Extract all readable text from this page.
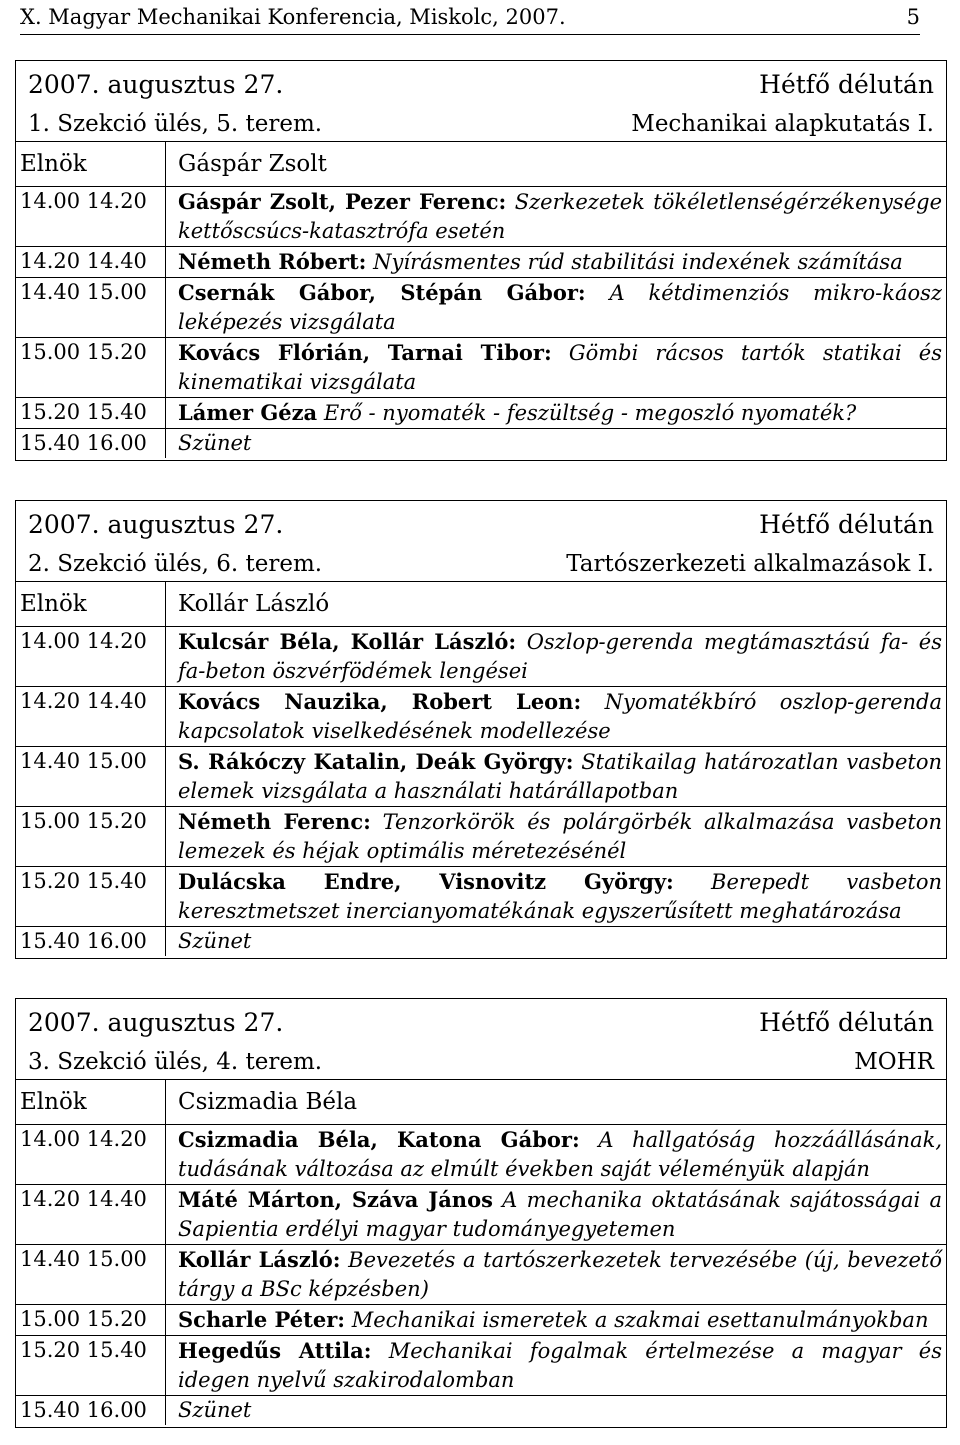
X. Magyar Mechanikai Konferencia, Miskolc, 2007.	5
2007. augusztus 27.	Hétfő délután
1. Szekció ülés, 5. terem.	Mechanikai alapkutatás I.
Elnök	Gáspár Zsolt
14.00 14.20	Gáspár Zsolt, Pezer Ferenc: Szerkezetek tökéletlenségérzékenysége kettőscsúcs-katasztrófa esetén
14.20 14.40	Németh Róbert: Nyírásmentes rúd stabilitási indexének számítása
14.40 15.00	Csernák Gábor, Stépán Gábor: A kétdimenziós mikro-káosz leképezés vizsgálata
15.00 15.20	Kovács Flórián, Tarnai Tibor: Gömbi rácsos tartók statikai és kinematikai vizsgálata
15.20 15.40	Lámer Géza Erő - nyomaték - feszültség - megoszló nyomaték?
15.40 16.00	Szünet
2007. augusztus 27.	Hétfő délután
2. Szekció ülés, 6. terem.	Tartószerkezeti alkalmazások I.
Elnök	Kollár László
14.00 14.20	Kulcsár Béla, Kollár László: Oszlop-gerenda megtámasztású fa- és fa-beton öszvérfödémek lengései
14.20 14.40	Kovács Nauzika, Robert Leon: Nyomatékbíró oszlop-gerenda kapcsolatok viselkedésének modellezése
14.40 15.00	S. Rákóczy Katalin, Deák György: Statikailag határozatlan vasbeton elemek vizsgálata a használati határállapotban
15.00 15.20	Németh Ferenc: Tenzorkörök és polárgörbék alkalmazása vasbeton lemezek és héjak optimális méretezésénél
15.20 15.40	Dulácska Endre, Visnovitz György: Berepedt vasbeton keresztmetszet inercianyomatékának egyszerűsített meghatározása
15.40 16.00	Szünet
2007. augusztus 27.	Hétfő délután
3. Szekció ülés, 4. terem.	MOHR
Elnök	Csizmadia Béla
14.00 14.20	Csizmadia Béla, Katona Gábor: A hallgatóság hozzáállásának, tudásának változása az elmúlt években saját véleményük alapján
14.20 14.40	Máté Márton, Száva János A mechanika oktatásának sajátosságai a Sapientia erdélyi magyar tudományegyetemen
14.40 15.00	Kollár László: Bevezetés a tartószerkezetek tervezésébe (új, bevezető tárgy a BSc képzésben)
15.00 15.20	Scharle Péter: Mechanikai ismeretek a szakmai esettanulmányokban
15.20 15.40	Hegedűs Attila: Mechanikai fogalmak értelmezése a magyar és idegen nyelvű szakirodalomban
15.40 16.00	Szünet
